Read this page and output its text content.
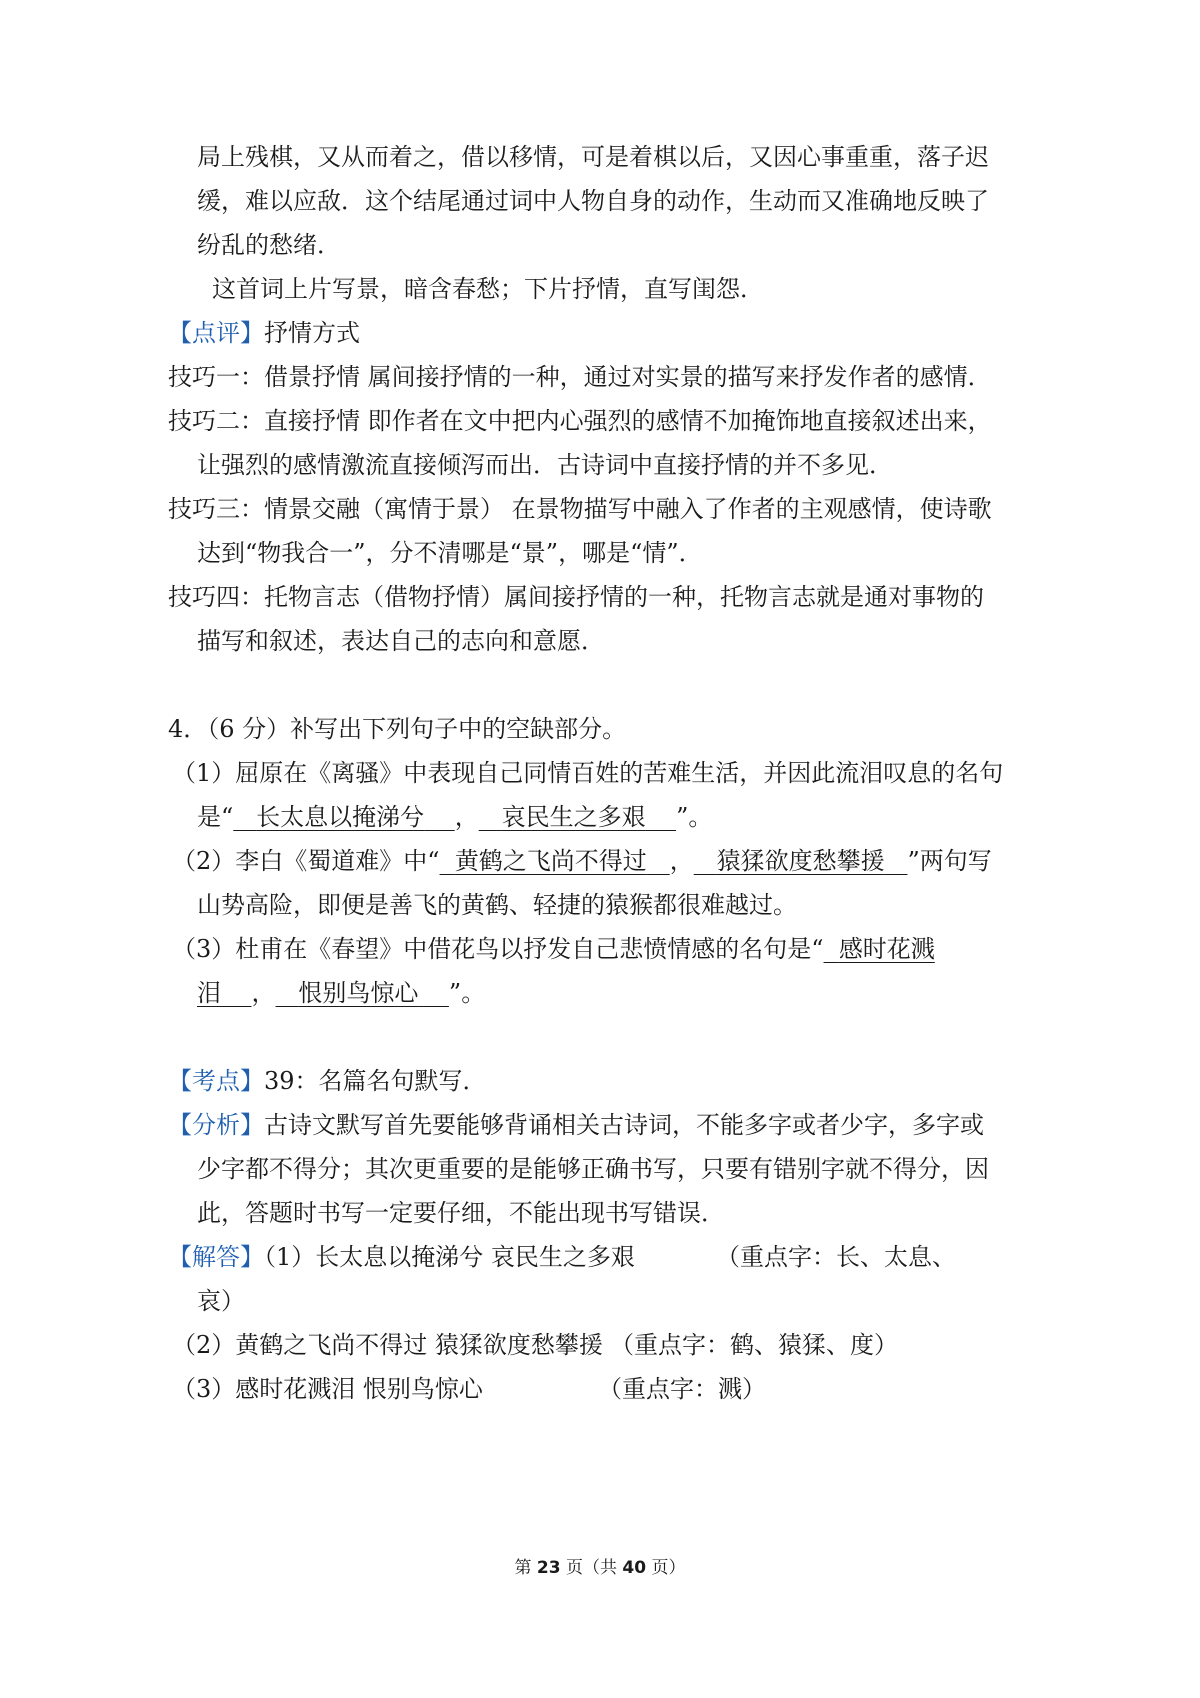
局上残棋，又从而着之，借以移情，可是着棋以后，又因心事重重，落子迟
缓，难以应敌．这个结尾通过词中人物自身的动作，生动而又准确地反映了
纷乱的愁绪．
这首词上片写景，暗含春愁；下片抒情，直写闺怨．
【点评】抒情方式
技巧一：借景抒情 属间接抒情的一种，通过对实景的描写来抒发作者的感情．
技巧二：直接抒情 即作者在文中把内心强烈的感情不加掩饰地直接叙述出来，
让强烈的感情激流直接倾泻而出．古诗词中直接抒情的并不多见．
技巧三：情景交融（寓情于景） 在景物描写中融入了作者的主观感情，使诗歌
达到“物我合一”，分不清哪是“景”，哪是“情”．
技巧四：托物言志（借物抒情）属间接抒情的一种，托物言志就是通对事物的
描写和叙述，表达自己的志向和意愿．
4．（6 分）补写出下列句子中的空缺部分。
（1）屈原在《离骚》中表现自己同情百姓的苦难生活，并因此流泪叹息的名句
是“ 长太息以掩涕兮 ， 哀民生之多艰 ”。
（2）李白《蜀道难》中“ 黄鹤之飞尚不得过 ， 猿猱欲度愁攀援 ”两句写
山势高险，即便是善飞的黄鹤、轻捷的猿猴都很难越过。
（3）杜甫在《春望》中借花鸟以抒发自己悲愤情感的名句是“ 感时花溅
泪 ， 恨别鸟惊心 ”。
【考点】39：名篇名句默写．
【分析】古诗文默写首先要能够背诵相关古诗词，不能多字或者少字，多字或
少字都不得分；其次更重要的是能够正确书写，只要有错别字就不得分，因
此，答题时书写一定要仔细，不能出现书写错误．
【解答】（1）长太息以掩涕兮 哀民生之多艰	（重点字：长、太息、
哀）
（2）黄鹤之飞尚不得过 猿猱欲度愁攀援 （重点字：鹤、猿猱、度）
（3）感时花溅泪 恨别鸟惊心	（重点字：溅）
第 23 页（共 40 页）
